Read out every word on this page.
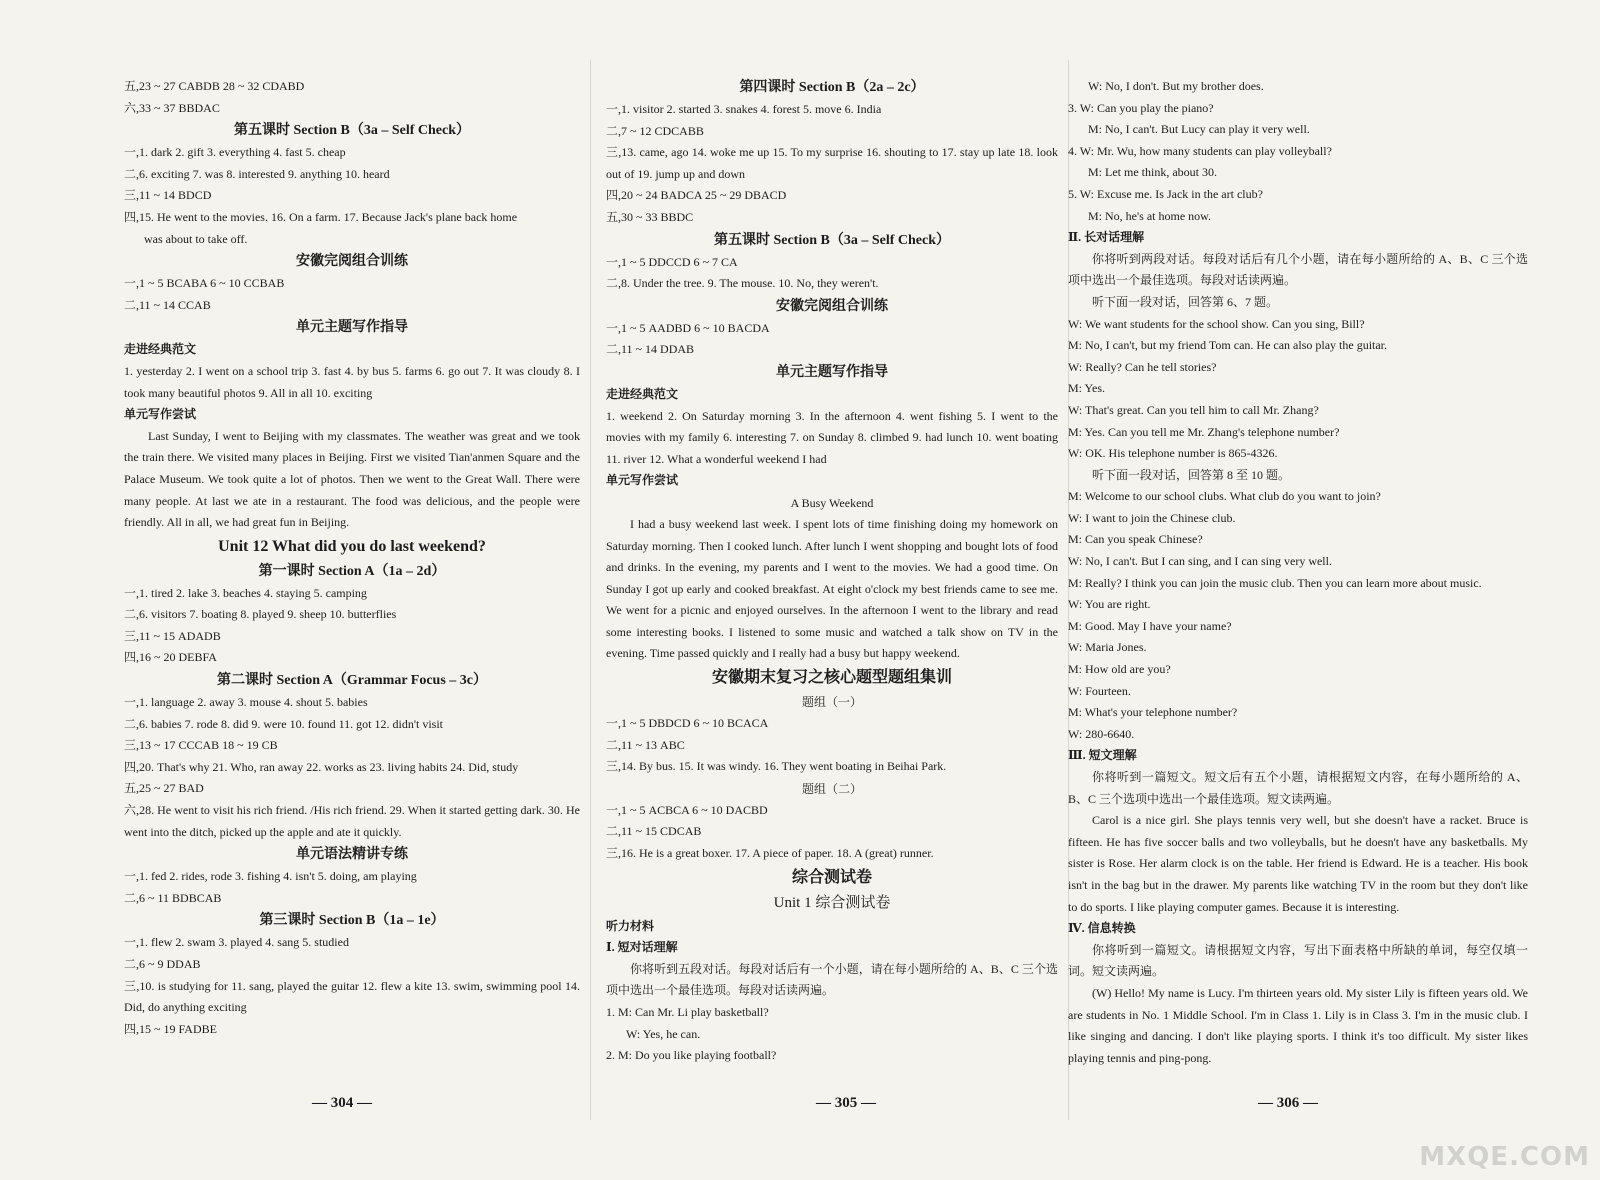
五,23 ~ 27 CABDB 28 ~ 32 CDABD
六,33 ~ 37 BBDAC
第五课时 Section B（3a – Self Check）
一,1. dark 2. gift 3. everything 4. fast 5. cheap
二,6. exciting 7. was 8. interested 9. anything 10. heard
三,11 ~ 14 BDCD
四,15. He went to the movies. 16. On a farm. 17. Because Jack's plane back home
was about to take off.
安徽完阅组合训练
一,1 ~ 5 BCABA 6 ~ 10 CCBAB
二,11 ~ 14 CCAB
单元主题写作指导
走进经典范文
1. yesterday 2. I went on a school trip 3. fast 4. by bus 5. farms 6. go out 7. It was cloudy 8. I took many beautiful photos 9. All in all 10. exciting
单元写作尝试
Last Sunday, I went to Beijing with my classmates. The weather was great and we took the train there. We visited many places in Beijing. First we visited Tian'anmen Square and the Palace Museum. We took quite a lot of photos. Then we went to the Great Wall. There were many people. At last we ate in a restaurant. The food was delicious, and the people were friendly. All in all, we had great fun in Beijing.
Unit 12 What did you do last weekend?
第一课时 Section A（1a – 2d）
一,1. tired 2. lake 3. beaches 4. staying 5. camping
二,6. visitors 7. boating 8. played 9. sheep 10. butterflies
三,11 ~ 15 ADADB
四,16 ~ 20 DEBFA
第二课时 Section A（Grammar Focus – 3c）
一,1. language 2. away 3. mouse 4. shout 5. babies
二,6. babies 7. rode 8. did 9. were 10. found 11. got 12. didn't visit
三,13 ~ 17 CCCAB 18 ~ 19 CB
四,20. That's why 21. Who, ran away 22. works as 23. living habits 24. Did, study
五,25 ~ 27 BAD
六,28. He went to visit his rich friend. /His rich friend. 29. When it started getting dark. 30. He went into the ditch, picked up the apple and ate it quickly.
单元语法精讲专练
一,1. fed 2. rides, rode 3. fishing 4. isn't 5. doing, am playing
二,6 ~ 11 BDBCAB
第三课时 Section B（1a – 1e）
一,1. flew 2. swam 3. played 4. sang 5. studied
二,6 ~ 9 DDAB
三,10. is studying for 11. sang, played the guitar 12. flew a kite 13. swim, swimming pool 14. Did, do anything exciting
四,15 ~ 19 FADBE
— 304 —
第四课时 Section B（2a – 2c）
一,1. visitor 2. started 3. snakes 4. forest 5. move 6. India
二,7 ~ 12 CDCABB
三,13. came, ago 14. woke me up 15. To my surprise 16. shouting to 17. stay up late 18. look out of 19. jump up and down
四,20 ~ 24 BADCA 25 ~ 29 DBACD
五,30 ~ 33 BBDC
第五课时 Section B（3a – Self Check）
一,1 ~ 5 DDCCD 6 ~ 7 CA
二,8. Under the tree. 9. The mouse. 10. No, they weren't.
安徽完阅组合训练
一,1 ~ 5 AADBD 6 ~ 10 BACDA
二,11 ~ 14 DDAB
单元主题写作指导
走进经典范文
1. weekend 2. On Saturday morning 3. In the afternoon 4. went fishing 5. I went to the movies with my family 6. interesting 7. on Sunday 8. climbed 9. had lunch 10. went boating 11. river 12. What a wonderful weekend I had
单元写作尝试
A Busy Weekend
I had a busy weekend last week. I spent lots of time finishing doing my homework on Saturday morning. Then I cooked lunch. After lunch I went shopping and bought lots of food and drinks. In the evening, my parents and I went to the movies. We had a good time. On Sunday I got up early and cooked breakfast. At eight o'clock my best friends came to see me. We went for a picnic and enjoyed ourselves. In the afternoon I went to the library and read some interesting books. I listened to some music and watched a talk show on TV in the evening. Time passed quickly and I really had a busy but happy weekend.
安徽期末复习之核心题型题组集训
题组（一）
一,1 ~ 5 DBDCD 6 ~ 10 BCACA
二,11 ~ 13 ABC
三,14. By bus. 15. It was windy. 16. They went boating in Beihai Park.
题组（二）
一,1 ~ 5 ACBCA 6 ~ 10 DACBD
二,11 ~ 15 CDCAB
三,16. He is a great boxer. 17. A piece of paper. 18. A (great) runner.
综合测试卷
Unit 1 综合测试卷
听力材料
Ⅰ. 短对话理解
你将听到五段对话。每段对话后有一个小题，请在每小题所给的 A、B、C 三个选项中选出一个最佳选项。每段对话读两遍。
1. M: Can Mr. Li play basketball?
W: Yes, he can.
2. M: Do you like playing football?
— 305 —
W: No, I don't. But my brother does.
3. W: Can you play the piano?
M: No, I can't. But Lucy can play it very well.
4. W: Mr. Wu, how many students can play volleyball?
M: Let me think, about 30.
5. W: Excuse me. Is Jack in the art club?
M: No, he's at home now.
Ⅱ. 长对话理解
你将听到两段对话。每段对话后有几个小题，请在每小题所给的 A、B、C 三个选项中选出一个最佳选项。每段对话读两遍。
听下面一段对话，回答第 6、7 题。
W: We want students for the school show. Can you sing, Bill?
M: No, I can't, but my friend Tom can. He can also play the guitar.
W: Really? Can he tell stories?
M: Yes.
W: That's great. Can you tell him to call Mr. Zhang?
M: Yes. Can you tell me Mr. Zhang's telephone number?
W: OK. His telephone number is 865-4326.
听下面一段对话，回答第 8 至 10 题。
M: Welcome to our school clubs. What club do you want to join?
W: I want to join the Chinese club.
M: Can you speak Chinese?
W: No, I can't. But I can sing, and I can sing very well.
M: Really? I think you can join the music club. Then you can learn more about music.
W: You are right.
M: Good. May I have your name?
W: Maria Jones.
M: How old are you?
W: Fourteen.
M: What's your telephone number?
W: 280-6640.
Ⅲ. 短文理解
你将听到一篇短文。短文后有五个小题，请根据短文内容，在每小题所给的 A、B、C 三个选项中选出一个最佳选项。短文读两遍。
Carol is a nice girl. She plays tennis very well, but she doesn't have a racket. Bruce is fifteen. He has five soccer balls and two volleyballs, but he doesn't have any basketballs. My sister is Rose. Her alarm clock is on the table. Her friend is Edward. He is a teacher. His book isn't in the bag but in the drawer. My parents like watching TV in the room but they don't like to do sports. I like playing computer games. Because it is interesting.
Ⅳ. 信息转换
你将听到一篇短文。请根据短文内容，写出下面表格中所缺的单词，每空仅填一词。短文读两遍。
(W) Hello! My name is Lucy. I'm thirteen years old. My sister Lily is fifteen years old. We are students in No. 1 Middle School. I'm in Class 1. Lily is in Class 3. I'm in the music club. I like singing and dancing. I don't like playing sports. I think it's too difficult. My sister likes playing tennis and ping-pong.
— 306 —
MXQE.COM
